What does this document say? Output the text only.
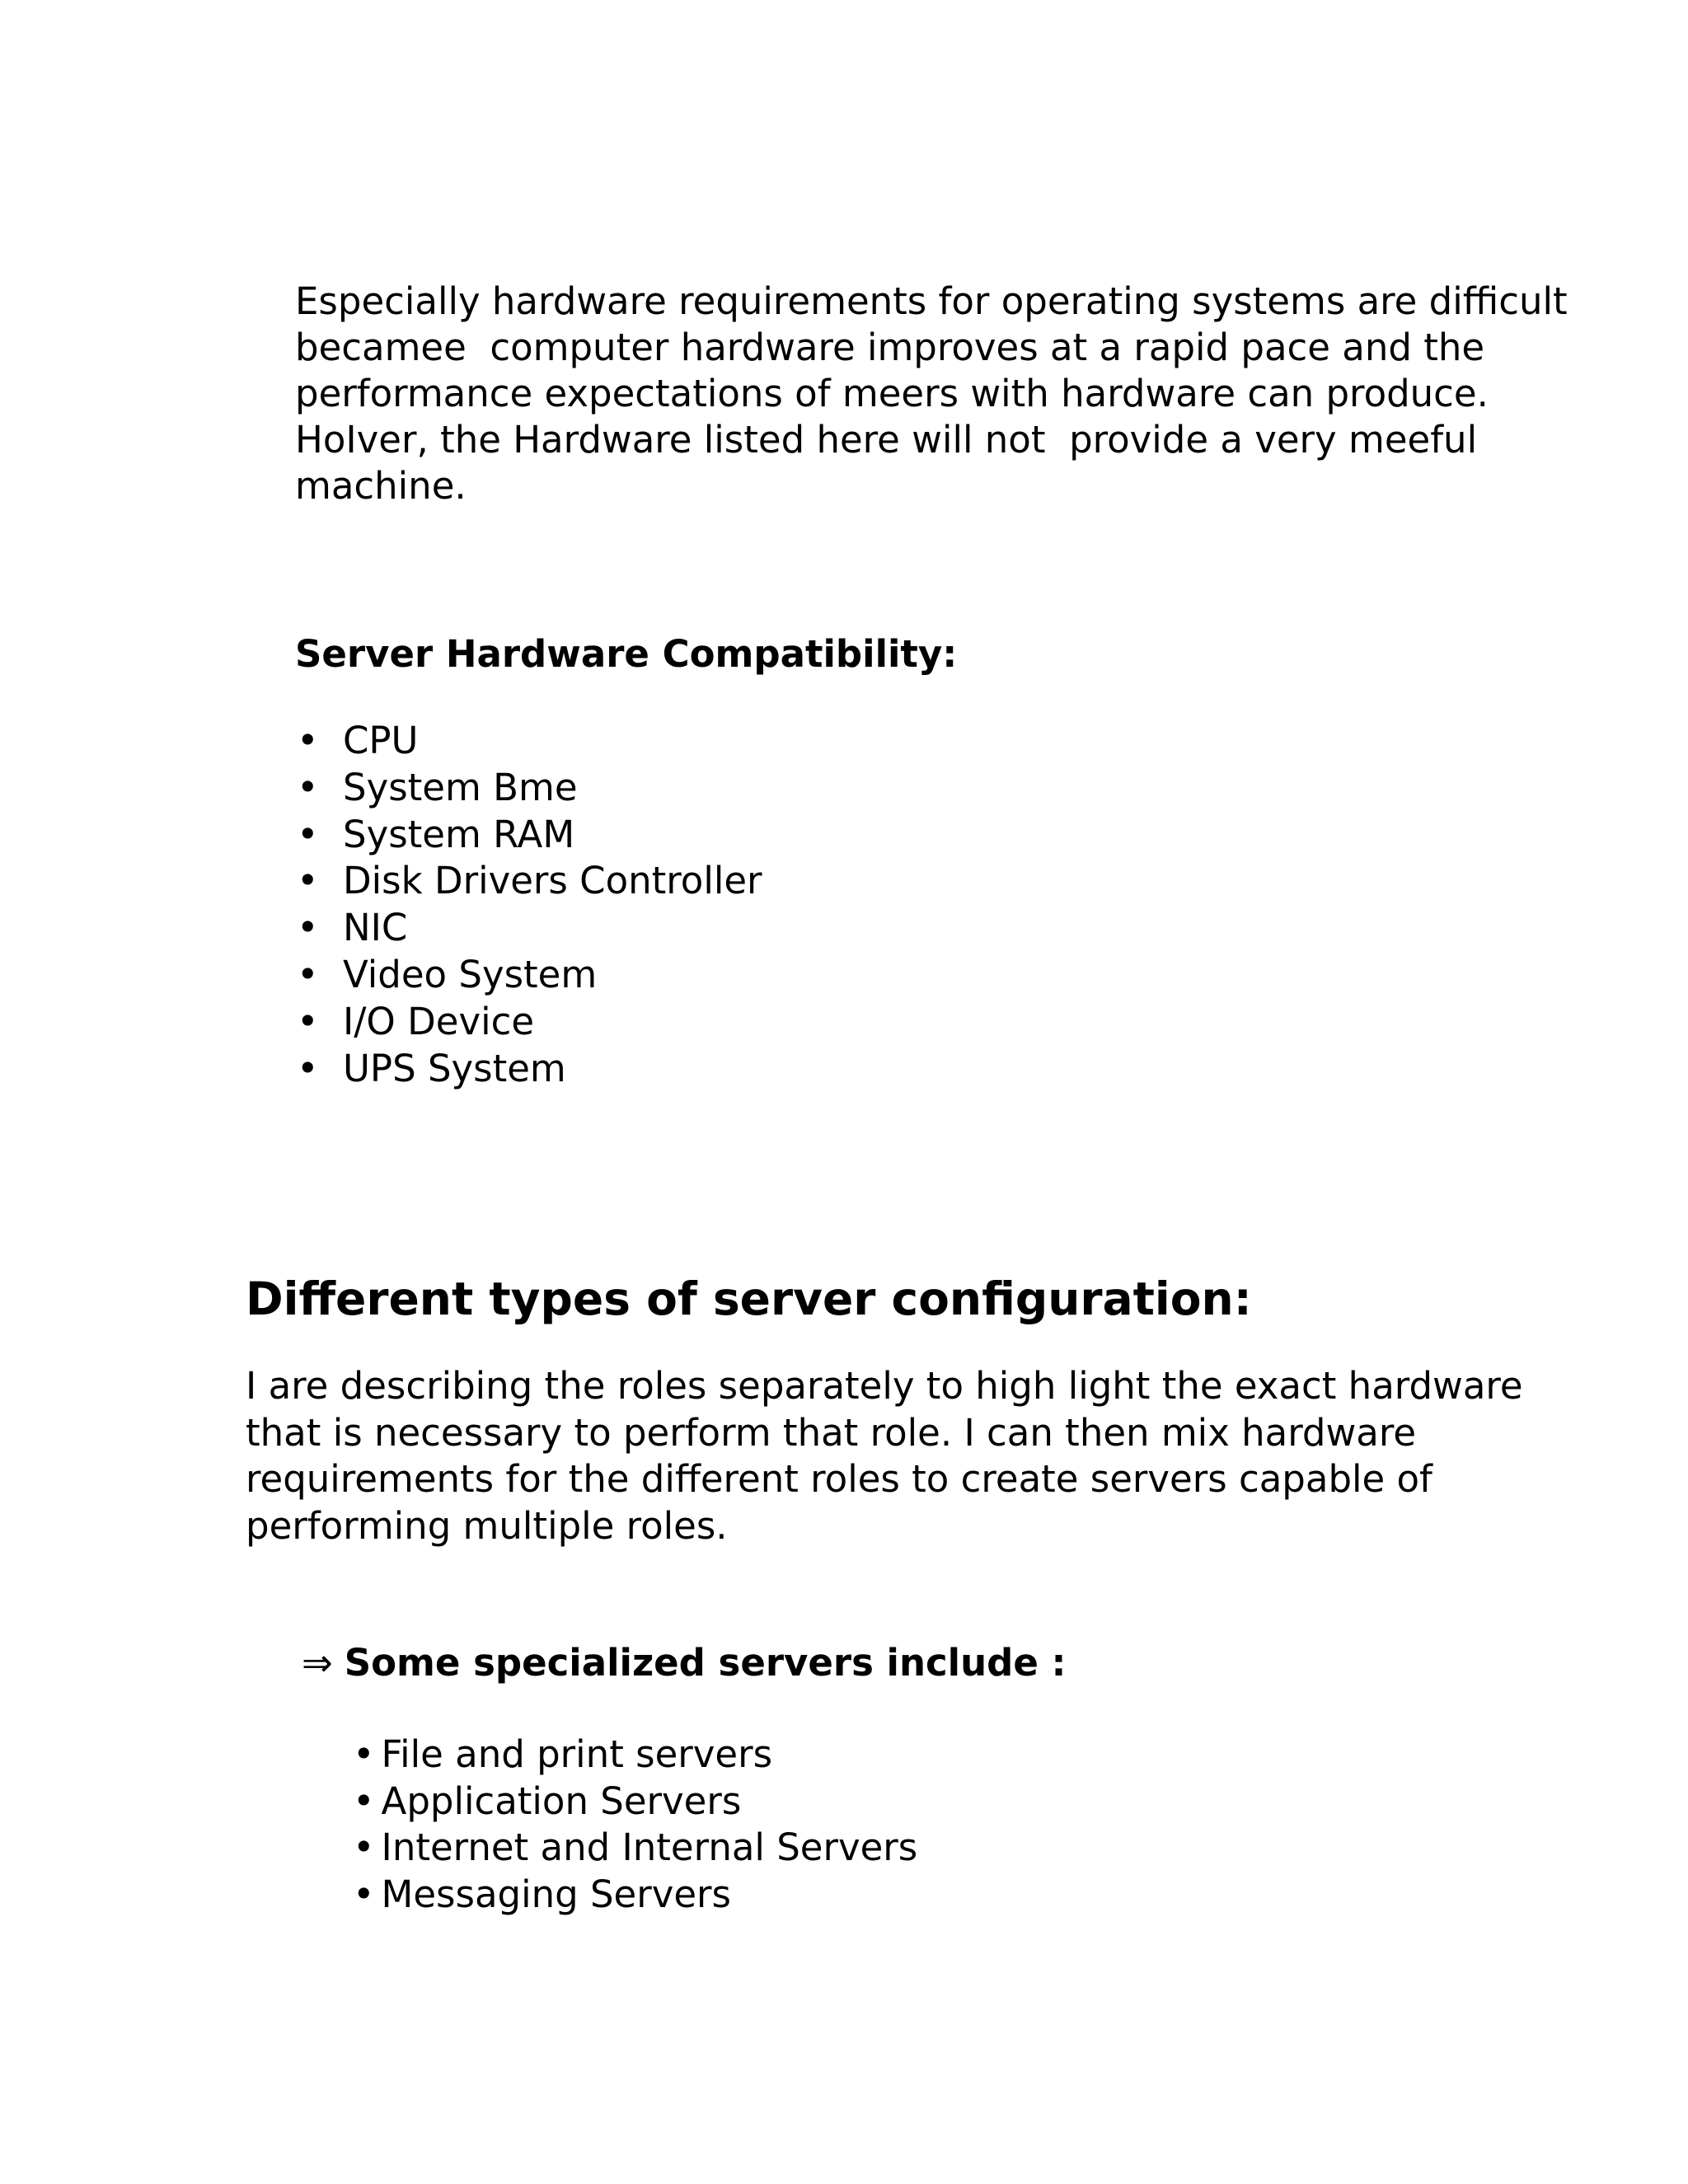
Especially hardware requirements for operating systems are difficult
becamee  computer hardware improves at a rapid pace and the
performance expectations of meers with hardware can produce.
HoIver, the Hardware listed here will not  provide a very meeful
machine.

Server Hardware Compatibility:
• CPU
• System Bme
• System RAM
• Disk Drivers Controller
• NIC
• Video System
• I/O Device
• UPS System
Different types of server configuration:

I are describing the roles separately to high light the exact hardware
that is necessary to perform that role. I can then mix hardware
requirements for the different roles to create servers capable of
performing multiple roles.

⇒ Some specialized servers include :
• File and print servers
• Application Servers
• Internet and Internal Servers
• Messaging Servers
